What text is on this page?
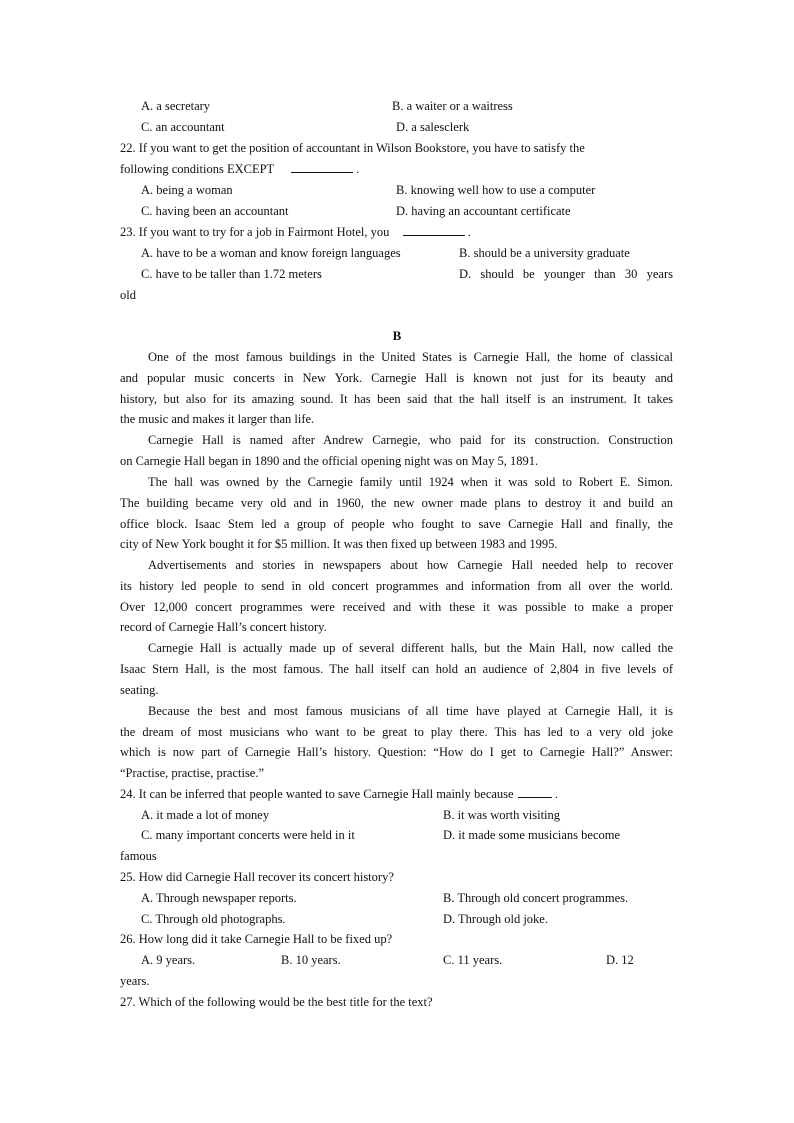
A. a secretary	B. a waiter or a waitress
C. an accountant	D. a salesclerk
22. If you want to get the position of accountant in Wilson Bookstore, you have to satisfy the
following conditions EXCEPT	.
A. being a woman	B. knowing well how to use a computer
C. having been an accountant	D. having an accountant certificate
23. If you want to try for a job in Fairmont Hotel, you	.
A. have to be a woman and know foreign languages	B. should be a university graduate
C. have to be taller than 1.72 meters	D. should be younger than 30 years
old
B
One of the most famous buildings in the United States is Carnegie Hall, the home of classical
and popular music concerts in New York. Carnegie Hall is known not just for its beauty and
history, but also for its amazing sound. It has been said that the hall itself is an instrument. It takes
the music and makes it larger than life.
Carnegie Hall is named after Andrew Carnegie, who paid for its construction. Construction
on Carnegie Hall began in 1890 and the official opening night was on May 5, 1891.
The hall was owned by the Carnegie family until 1924 when it was sold to Robert E. Simon.
The building became very old and in 1960, the new owner made plans to destroy it and build an
office block. Isaac Stem led a group of people who fought to save Carnegie Hall and finally, the
city of New York bought it for $5 million. It was then fixed up between 1983 and 1995.
Advertisements and stories in newspapers about how Carnegie Hall needed help to recover
its history led people to send in old concert programmes and information from all over the world.
Over 12,000 concert programmes were received and with these it was possible to make a proper
record of Carnegie Hall’s concert history.
Carnegie Hall is actually made up of several different halls, but the Main Hall, now called the
Isaac Stern Hall, is the most famous. The hall itself can hold an audience of 2,804 in five levels of
seating.
Because the best and most famous musicians of all time have played at Carnegie Hall, it is
the dream of most musicians who want to be great to play there. This has led to a very old joke
which is now part of Carnegie Hall’s history. Question: “How do I get to Carnegie Hall?” Answer:
“Practise, practise, practise.”
24. It can be inferred that people wanted to save Carnegie Hall mainly because	.
A. it made a lot of money	B. it was worth visiting
C. many important concerts were held in it	D. it made some musicians become
famous
25. How did Carnegie Hall recover its concert history?
A. Through newspaper reports.	B. Through old concert programmes.
C. Through old photographs.	D. Through old joke.
26. How long did it take Carnegie Hall to be fixed up?
A. 9 years.	B. 10 years.	C. 11 years.	D. 12
years.
27. Which of the following would be the best title for the text?
